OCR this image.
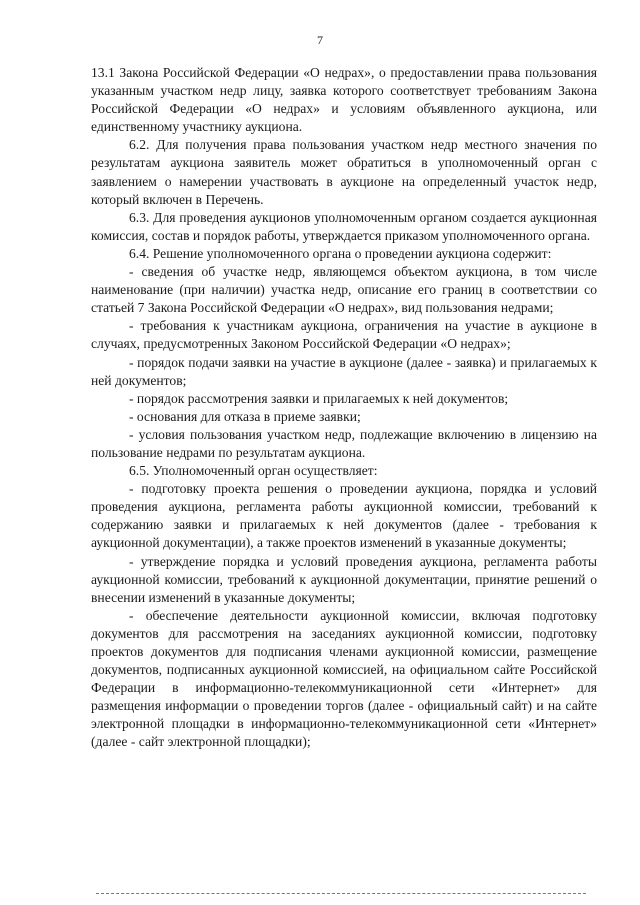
7

13.1 Закона Российской Федерации «О недрах», о предоставлении права пользования указанным участком недр лицу, заявка которого соответствует требованиям Закона Российской Федерации «О недрах» и условиям объявленного аукциона, или единственному участнику аукциона.

6.2. Для получения права пользования участком недр местного значения по результатам аукциона заявитель может обратиться в уполномоченный орган с заявлением о намерении участвовать в аукционе на определенный участок недр, который включен в Перечень.

6.3. Для проведения аукционов уполномоченным органом создается аукционная комиссия, состав и порядок работы, утверждается приказом уполномоченного органа.

6.4. Решение уполномоченного органа о проведении аукциона содержит:

- сведения об участке недр, являющемся объектом аукциона, в том числе наименование (при наличии) участка недр, описание его границ в соответствии со статьей 7 Закона Российской Федерации «О недрах», вид пользования недрами;

- требования к участникам аукциона, ограничения на участие в аукционе в случаях, предусмотренных Законом Российской Федерации «О недрах»;

- порядок подачи заявки на участие в аукционе (далее - заявка) и прилагаемых к ней документов;

- порядок рассмотрения заявки и прилагаемых к ней документов;

- основания для отказа в приеме заявки;

- условия пользования участком недр, подлежащие включению в лицензию на пользование недрами по результатам аукциона.

6.5. Уполномоченный орган осуществляет:

- подготовку проекта решения о проведении аукциона, порядка и условий проведения аукциона, регламента работы аукционной комиссии, требований к содержанию заявки и прилагаемых к ней документов (далее - требования к аукционной документации), а также проектов изменений в указанные документы;

- утверждение порядка и условий проведения аукциона, регламента работы аукционной комиссии, требований к аукционной документации, принятие решений о внесении изменений в указанные документы;

- обеспечение деятельности аукционной комиссии, включая подготовку документов для рассмотрения на заседаниях аукционной комиссии, подготовку проектов документов для подписания членами аукционной комиссии, размещение документов, подписанных аукционной комиссией, на официальном сайте Российской Федерации в информационно-телекоммуникационной сети «Интернет» для размещения информации о проведении торгов (далее - официальный сайт) и на сайте электронной площадки в информационно-телекоммуникационной сети «Интернет» (далее - сайт электронной площадки);
